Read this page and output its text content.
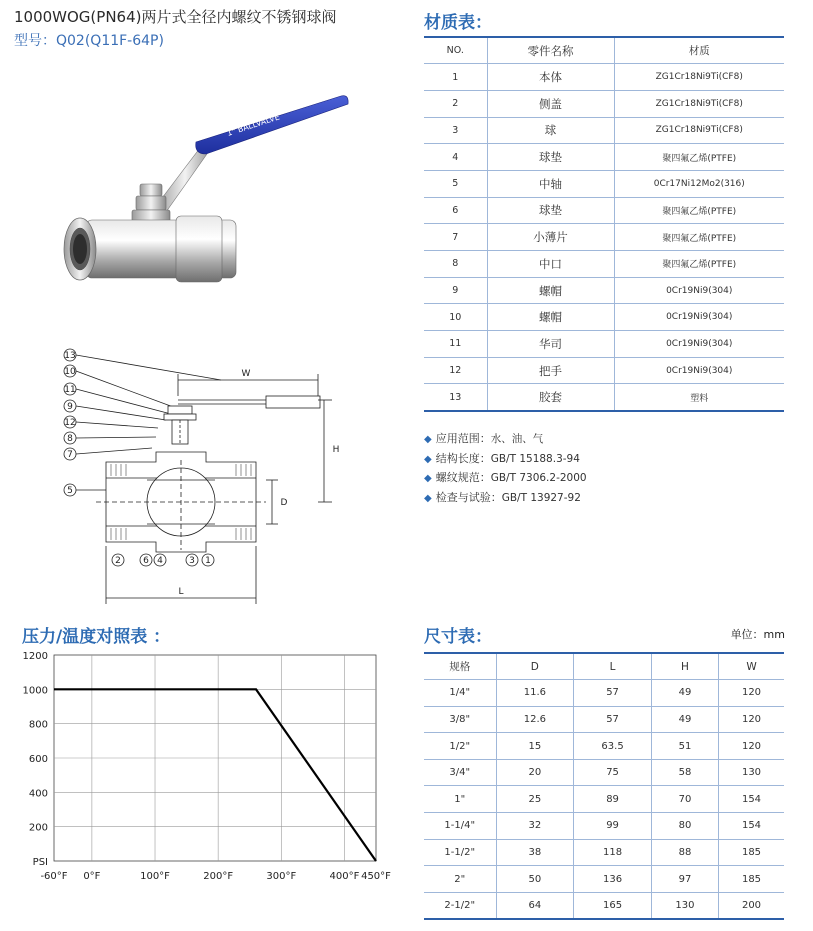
1000WOG(PN64)两片式全径内螺纹不锈钢球阀
型号：Q02(Q11F-64P)
1" BALLVALVE
13
10
11
9
12
8
7
5
2 6 4	3 1
W
H
D
L
材质表：
NO.	零件名称	材质
1	本体	ZG1Cr18Ni9Ti(CF8)
2	侧盖	ZG1Cr18Ni9Ti(CF8)
3	球	ZG1Cr18Ni9Ti(CF8)
4	球垫	聚四氟乙烯(PTFE)
5	中轴	0Cr17Ni12Mo2(316)
6	球垫	聚四氟乙烯(PTFE)
7	小薄片	聚四氟乙烯(PTFE)
8	中口	聚四氟乙烯(PTFE)
9	螺帽	0Cr19Ni9(304)
10	螺帽	0Cr19Ni9(304)
11	华司	0Cr19Ni9(304)
12	把手	0Cr19Ni9(304)
13	胶套	塑料
◆ 应用范围：水、油、气
◆ 结构长度：GB/T 15188.3-94
◆ 螺纹规范：GB/T 7306.2-2000
◆ 检查与试验：GB/T 13927-92
压力/温度对照表 ：
1200
1000
800
600
400
200
PSI
-60°F 0°F	100°F	200°F	300°F	400°F 450°F
尺寸表：	单位：mm
规格	D	L	H	W
1/4"	11.6	57	49	120
3/8"	12.6	57	49	120
1/2"	15	63.5	51	120
3/4"	20	75	58	130
1"	25	89	70	154
1-1/4"	32	99	80	154
1-1/2"	38	118	88	185
2"	50	136	97	185
2-1/2"	64	165	130	200
